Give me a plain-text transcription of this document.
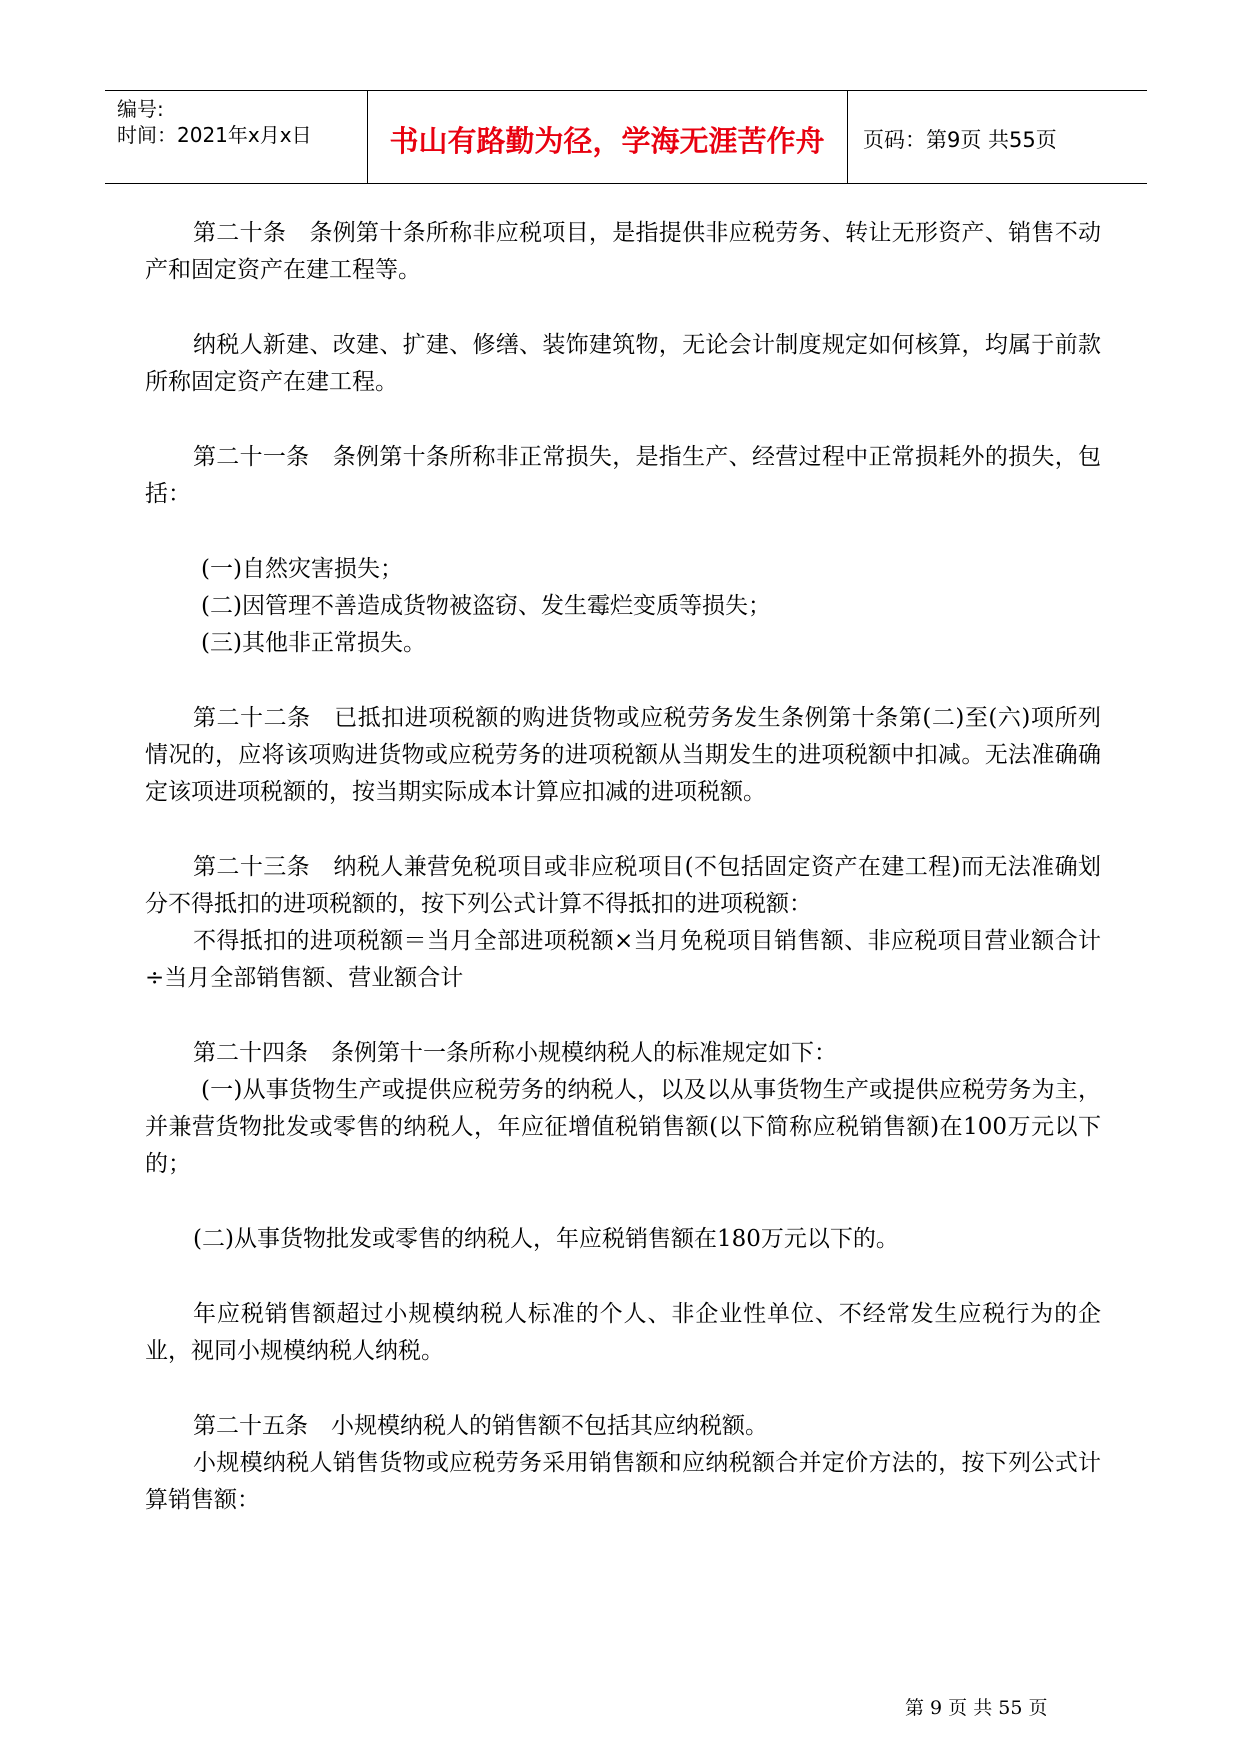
编号:
时间：2021年x月x日	书山有路勤为径，学海无涯苦作舟	页码：第9页 共55页

第二十条　条例第十条所称非应税项目，是指提供非应税劳务、转让无形资产、销售不动产和固定资产在建工程等。

纳税人新建、改建、扩建、修缮、装饰建筑物，无论会计制度规定如何核算，均属于前款所称固定资产在建工程。

第二十一条　条例第十条所称非正常损失，是指生产、经营过程中正常损耗外的损失，包括：

(一)自然灾害损失；

(二)因管理不善造成货物被盗窃、发生霉烂变质等损失；

(三)其他非正常损失。

第二十二条　已抵扣进项税额的购进货物或应税劳务发生条例第十条第(二)至(六)项所列情况的，应将该项购进货物或应税劳务的进项税额从当期发生的进项税额中扣减。无法准确确定该项进项税额的，按当期实际成本计算应扣减的进项税额。

第二十三条　纳税人兼营免税项目或非应税项目(不包括固定资产在建工程)而无法准确划分不得抵扣的进项税额的，按下列公式计算不得抵扣的进项税额：

不得抵扣的进项税额＝当月全部进项税额×当月免税项目销售额、非应税项目营业额合计÷当月全部销售额、营业额合计

第二十四条　条例第十一条所称小规模纳税人的标准规定如下：

(一)从事货物生产或提供应税劳务的纳税人，以及以从事货物生产或提供应税劳务为主，并兼营货物批发或零售的纳税人，年应征增值税销售额(以下简称应税销售额)在100万元以下的；

(二)从事货物批发或零售的纳税人，年应税销售额在180万元以下的。

年应税销售额超过小规模纳税人标准的个人、非企业性单位、不经常发生应税行为的企业，视同小规模纳税人纳税。

第二十五条　小规模纳税人的销售额不包括其应纳税额。

小规模纳税人销售货物或应税劳务采用销售额和应纳税额合并定价方法的，按下列公式计算销售额：

第 9 页 共 55 页
